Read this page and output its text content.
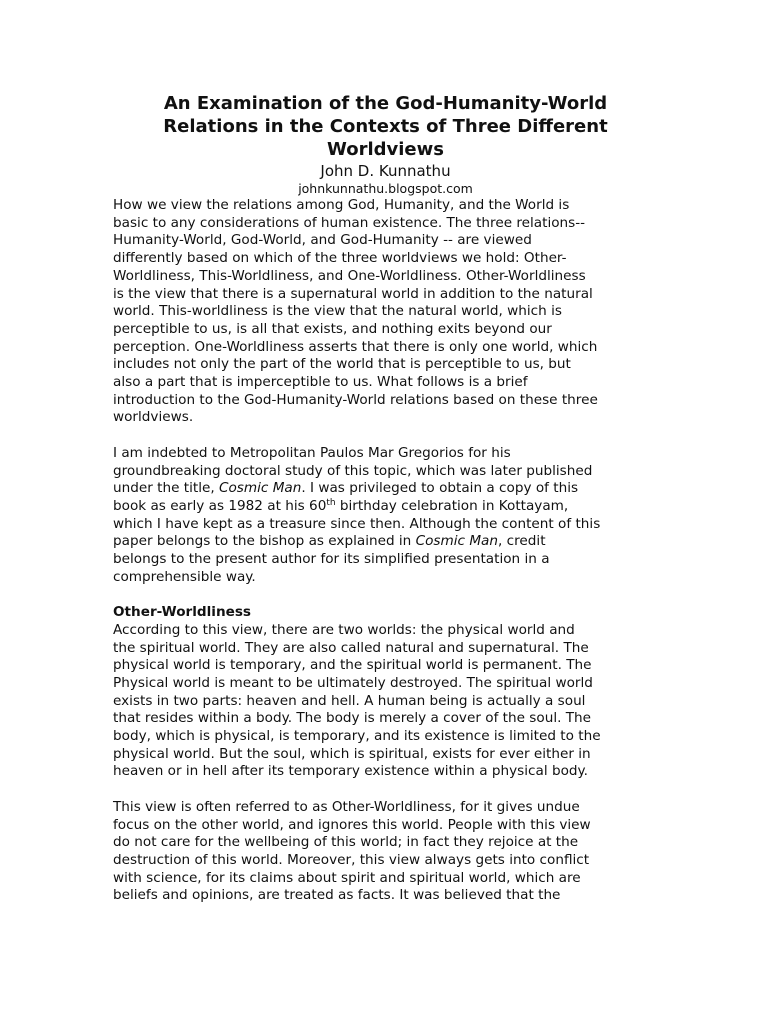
An Examination of the God-Humanity-World
Relations in the Contexts of Three Different
Worldviews

John D. Kunnathu

johnkunnathu.blogspot.com

How we view the relations among God, Humanity, and the World is
basic to any considerations of human existence. The three relations--
Humanity-World, God-World, and God-Humanity -- are viewed
differently based on which of the three worldviews we hold: Other-
Worldliness, This-Worldliness, and One-Worldliness. Other-Worldliness
is the view that there is a supernatural world in addition to the natural
world. This-worldliness is the view that the natural world, which is
perceptible to us, is all that exists, and nothing exits beyond our
perception. One-Worldliness asserts that there is only one world, which
includes not only the part of the world that is perceptible to us, but
also a part that is imperceptible to us. What follows is a brief
introduction to the God-Humanity-World relations based on these three
worldviews.

I am indebted to Metropolitan Paulos Mar Gregorios for his
groundbreaking doctoral study of this topic, which was later published
under the title, Cosmic Man. I was privileged to obtain a copy of this
book as early as 1982 at his 60th birthday celebration in Kottayam,
which I have kept as a treasure since then. Although the content of this
paper belongs to the bishop as explained in Cosmic Man, credit
belongs to the present author for its simplified presentation in a
comprehensible way.

Other-Worldliness

According to this view, there are two worlds: the physical world and
the spiritual world. They are also called natural and supernatural. The
physical world is temporary, and the spiritual world is permanent. The
Physical world is meant to be ultimately destroyed. The spiritual world
exists in two parts: heaven and hell. A human being is actually a soul
that resides within a body. The body is merely a cover of the soul. The
body, which is physical, is temporary, and its existence is limited to the
physical world. But the soul, which is spiritual, exists for ever either in
heaven or in hell after its temporary existence within a physical body.

This view is often referred to as Other-Worldliness, for it gives undue
focus on the other world, and ignores this world. People with this view
do not care for the wellbeing of this world; in fact they rejoice at the
destruction of this world. Moreover, this view always gets into conflict
with science, for its claims about spirit and spiritual world, which are
beliefs and opinions, are treated as facts. It was believed that the
